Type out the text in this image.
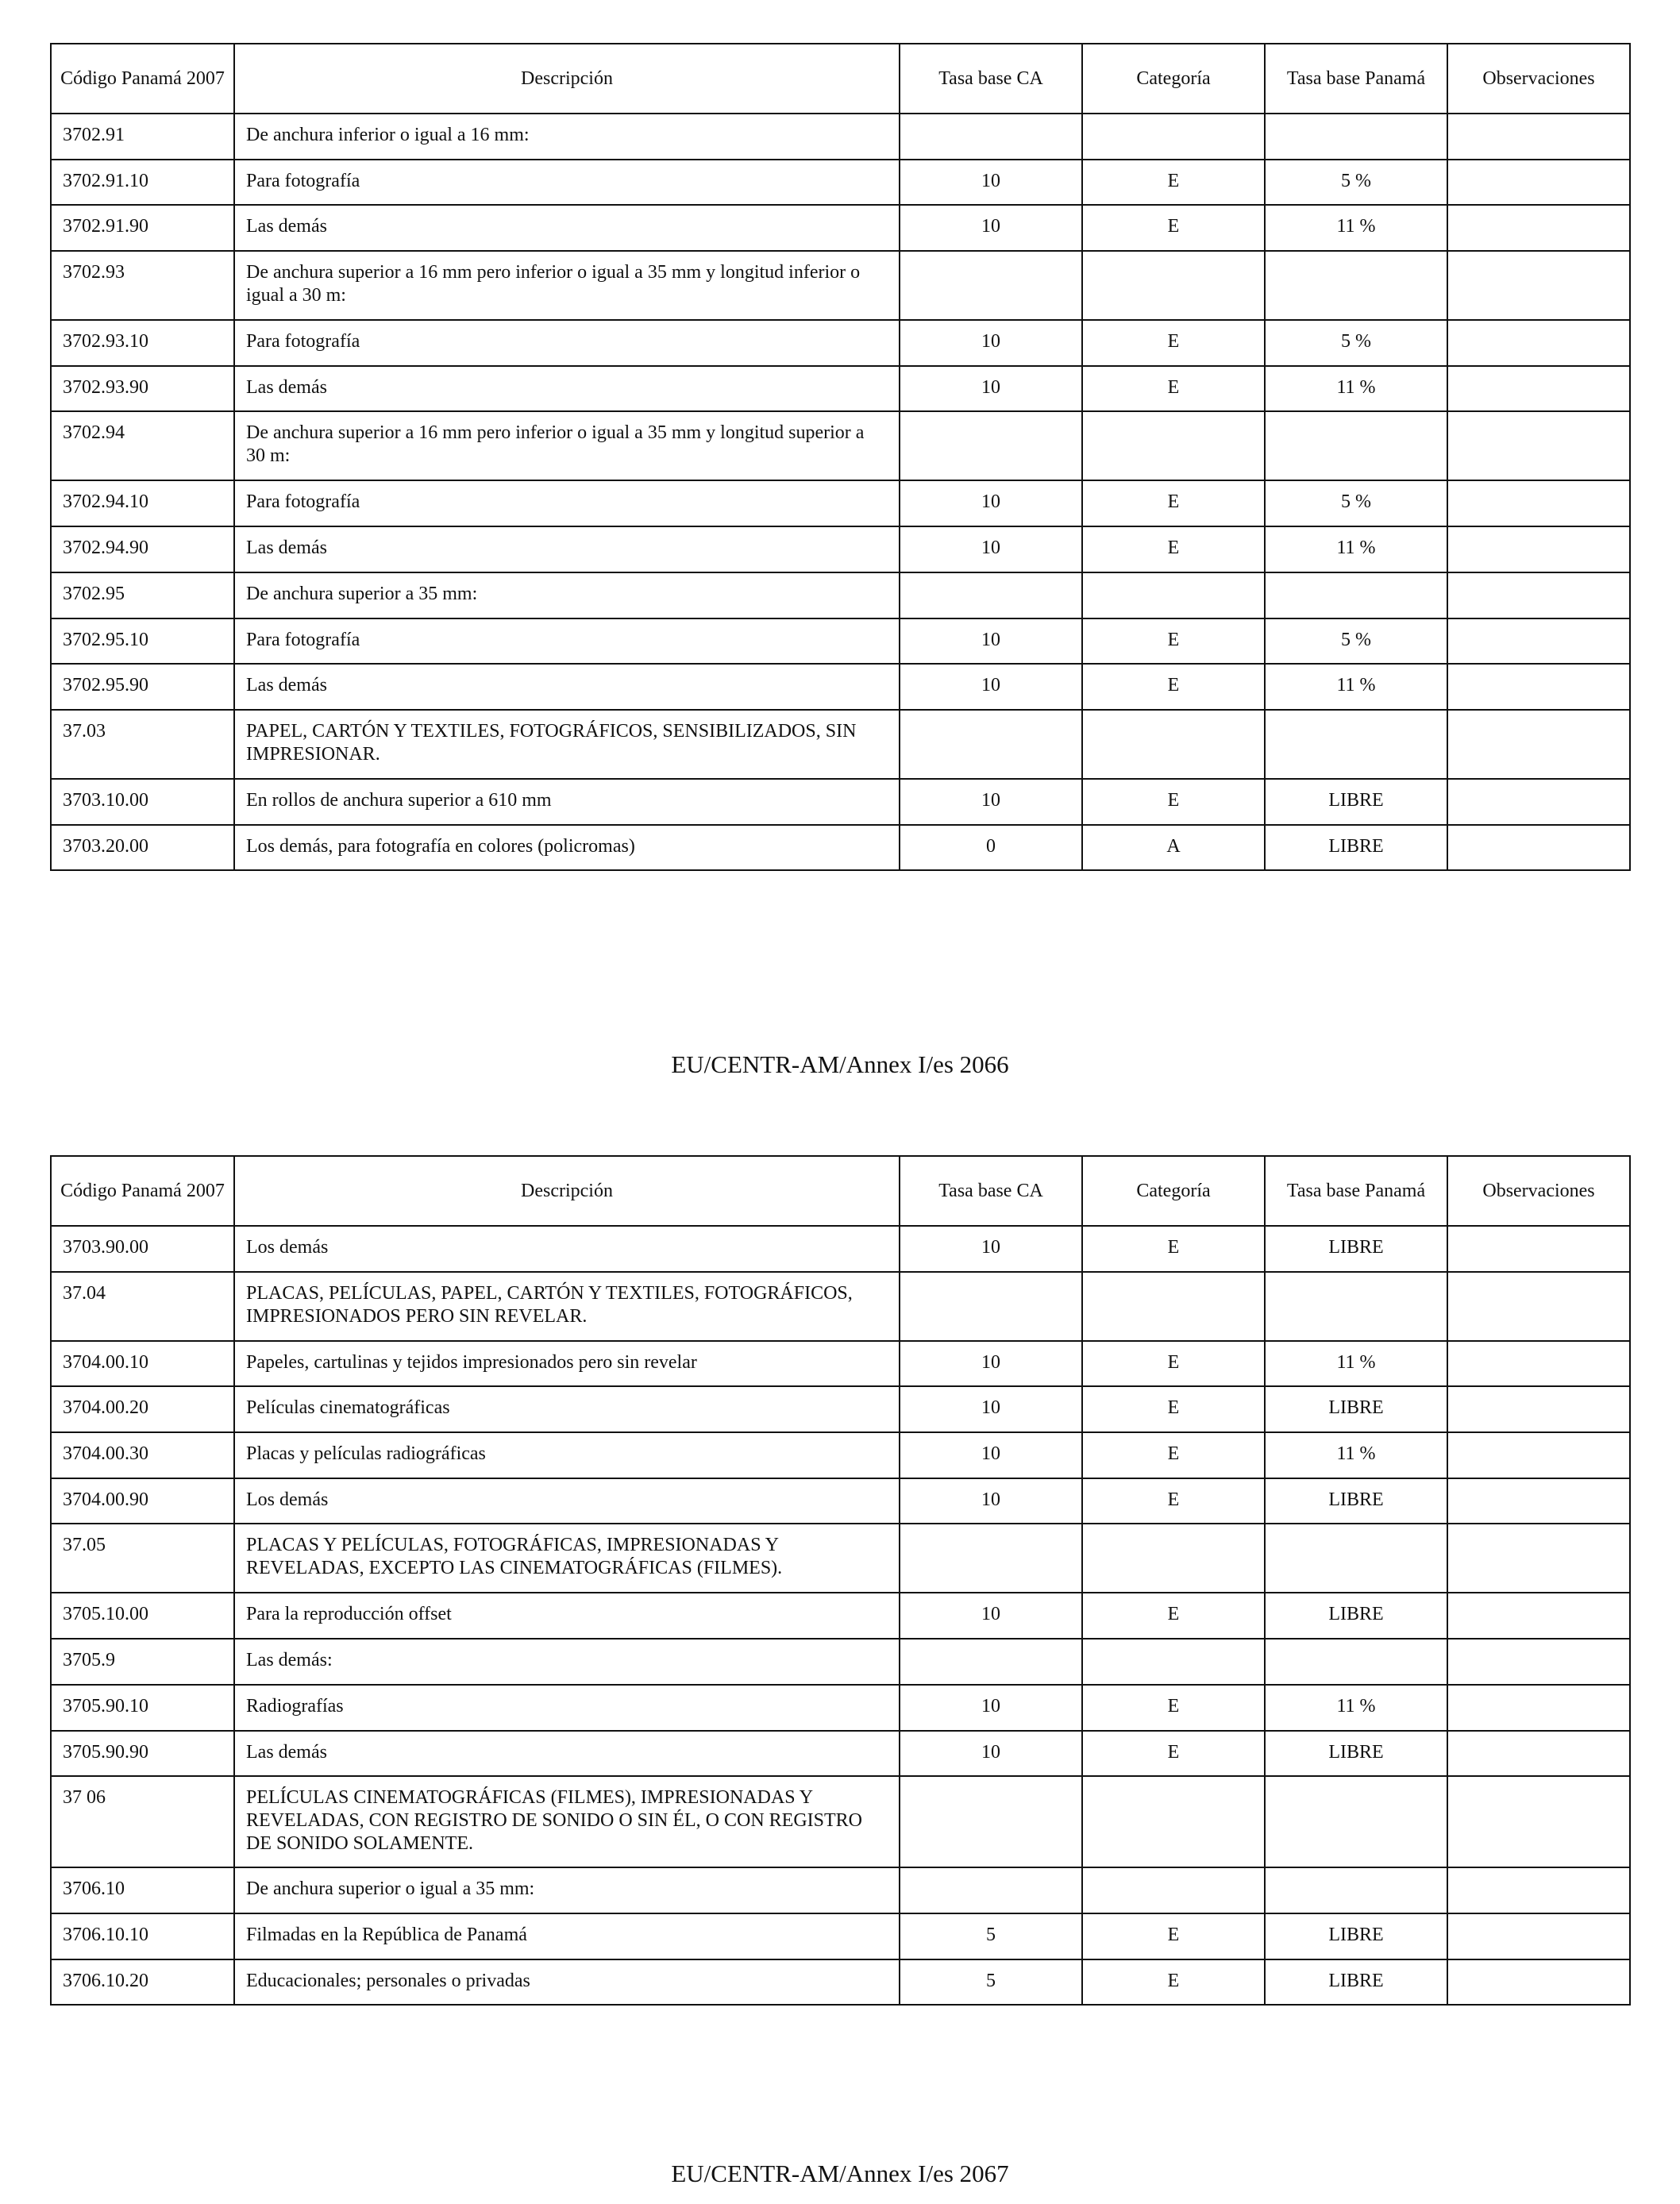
Código Panamá 2007	Descripción	Tasa base CA	Categoría	Tasa base Panamá	Observaciones
3702.91	De anchura inferior o igual a 16 mm:				
3702.91.10	Para fotografía	10	E	5 %	
3702.91.90	Las demás	10	E	11 %	
3702.93	De anchura superior a 16 mm pero inferior o igual a 35 mm y longitud inferior o igual a 30 m:				
3702.93.10	Para fotografía	10	E	5 %	
3702.93.90	Las demás	10	E	11 %	
3702.94	De anchura superior a 16 mm pero inferior o igual a 35 mm y longitud superior a 30 m:				
3702.94.10	Para fotografía	10	E	5 %	
3702.94.90	Las demás	10	E	11 %	
3702.95	De anchura superior a 35 mm:				
3702.95.10	Para fotografía	10	E	5 %	
3702.95.90	Las demás	10	E	11 %	
37.03	PAPEL, CARTÓN Y TEXTILES, FOTOGRÁFICOS, SENSIBILIZADOS, SIN IMPRESIONAR.				
3703.10.00	En rollos de anchura superior a 610 mm	10	E	LIBRE	
3703.20.00	Los demás, para fotografía en colores (policromas)	0	A	LIBRE	
EU/CENTR-AM/Annex I/es 2066
Código Panamá 2007	Descripción	Tasa base CA	Categoría	Tasa base Panamá	Observaciones
3703.90.00	Los demás	10	E	LIBRE	
37.04	PLACAS, PELÍCULAS, PAPEL, CARTÓN Y TEXTILES, FOTOGRÁFICOS, IMPRESIONADOS PERO SIN REVELAR.				
3704.00.10	Papeles, cartulinas y tejidos impresionados pero sin revelar	10	E	11 %	
3704.00.20	Películas cinematográficas	10	E	LIBRE	
3704.00.30	Placas y películas radiográficas	10	E	11 %	
3704.00.90	Los demás	10	E	LIBRE	
37.05	PLACAS Y PELÍCULAS, FOTOGRÁFICAS, IMPRESIONADAS Y REVELADAS, EXCEPTO LAS CINEMATOGRÁFICAS (FILMES).				
3705.10.00	Para la reproducción offset	10	E	LIBRE	
3705.9	Las demás:				
3705.90.10	Radiografías	10	E	11 %	
3705.90.90	Las demás	10	E	LIBRE	
37 06	PELÍCULAS CINEMATOGRÁFICAS (FILMES), IMPRESIONADAS Y REVELADAS, CON REGISTRO DE SONIDO O SIN ÉL, O CON REGISTRO DE SONIDO SOLAMENTE.				
3706.10	De anchura superior o igual a 35 mm:				
3706.10.10	Filmadas en la República de Panamá	5	E	LIBRE	
3706.10.20	Educacionales; personales o privadas	5	E	LIBRE	
EU/CENTR-AM/Annex I/es 2067
